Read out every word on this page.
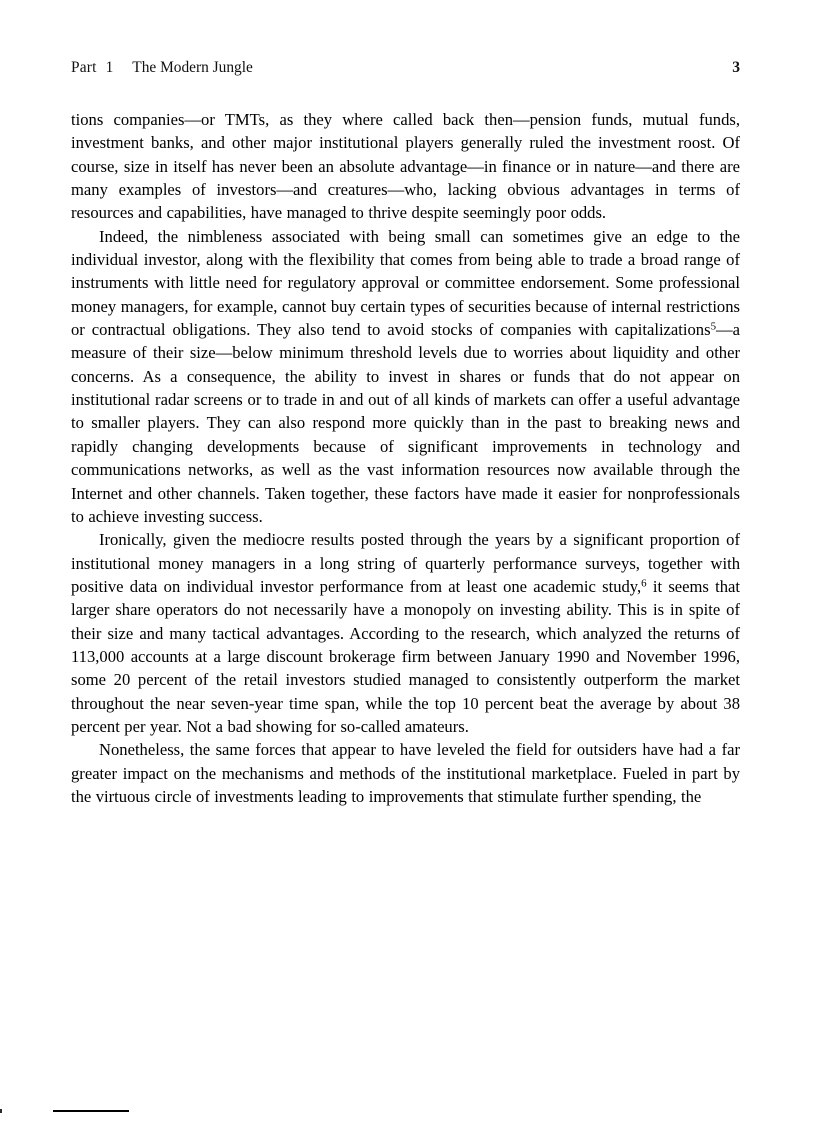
Part 1 The Modern Jungle	3

tions companies—or TMTs, as they where called back then—pension funds, mutual funds, investment banks, and other major institutional players generally ruled the investment roost. Of course, size in itself has never been an absolute advantage—in finance or in nature—and there are many examples of investors—and creatures—who, lacking obvious advantages in terms of resources and capabilities, have managed to thrive despite seemingly poor odds.

Indeed, the nimbleness associated with being small can sometimes give an edge to the individual investor, along with the flexibility that comes from being able to trade a broad range of instruments with little need for regulatory approval or committee endorsement. Some professional money managers, for example, cannot buy certain types of securities because of internal restrictions or contractual obligations. They also tend to avoid stocks of companies with capitalizations$^5$—a measure of their size—below minimum threshold levels due to worries about liquidity and other concerns. As a consequence, the ability to invest in shares or funds that do not appear on institutional radar screens or to trade in and out of all kinds of markets can offer a useful advantage to smaller players. They can also respond more quickly than in the past to breaking news and rapidly changing developments because of significant improvements in technology and communications networks, as well as the vast information resources now available through the Internet and other channels. Taken together, these factors have made it easier for nonprofessionals to achieve investing success.

Ironically, given the mediocre results posted through the years by a significant proportion of institutional money managers in a long string of quarterly performance surveys, together with positive data on individual investor performance from at least one academic study,$^6$ it seems that larger share operators do not necessarily have a monopoly on investing ability. This is in spite of their size and many tactical advantages. According to the research, which analyzed the returns of 113,000 accounts at a large discount brokerage firm between January 1990 and November 1996, some 20 percent of the retail investors studied managed to consistently outperform the market throughout the near seven-year time span, while the top 10 percent beat the average by about 38 percent per year. Not a bad showing for so-called amateurs.

Nonetheless, the same forces that appear to have leveled the field for outsiders have had a far greater impact on the mechanisms and methods of the institutional marketplace. Fueled in part by the virtuous circle of investments leading to improvements that stimulate further spending, the
